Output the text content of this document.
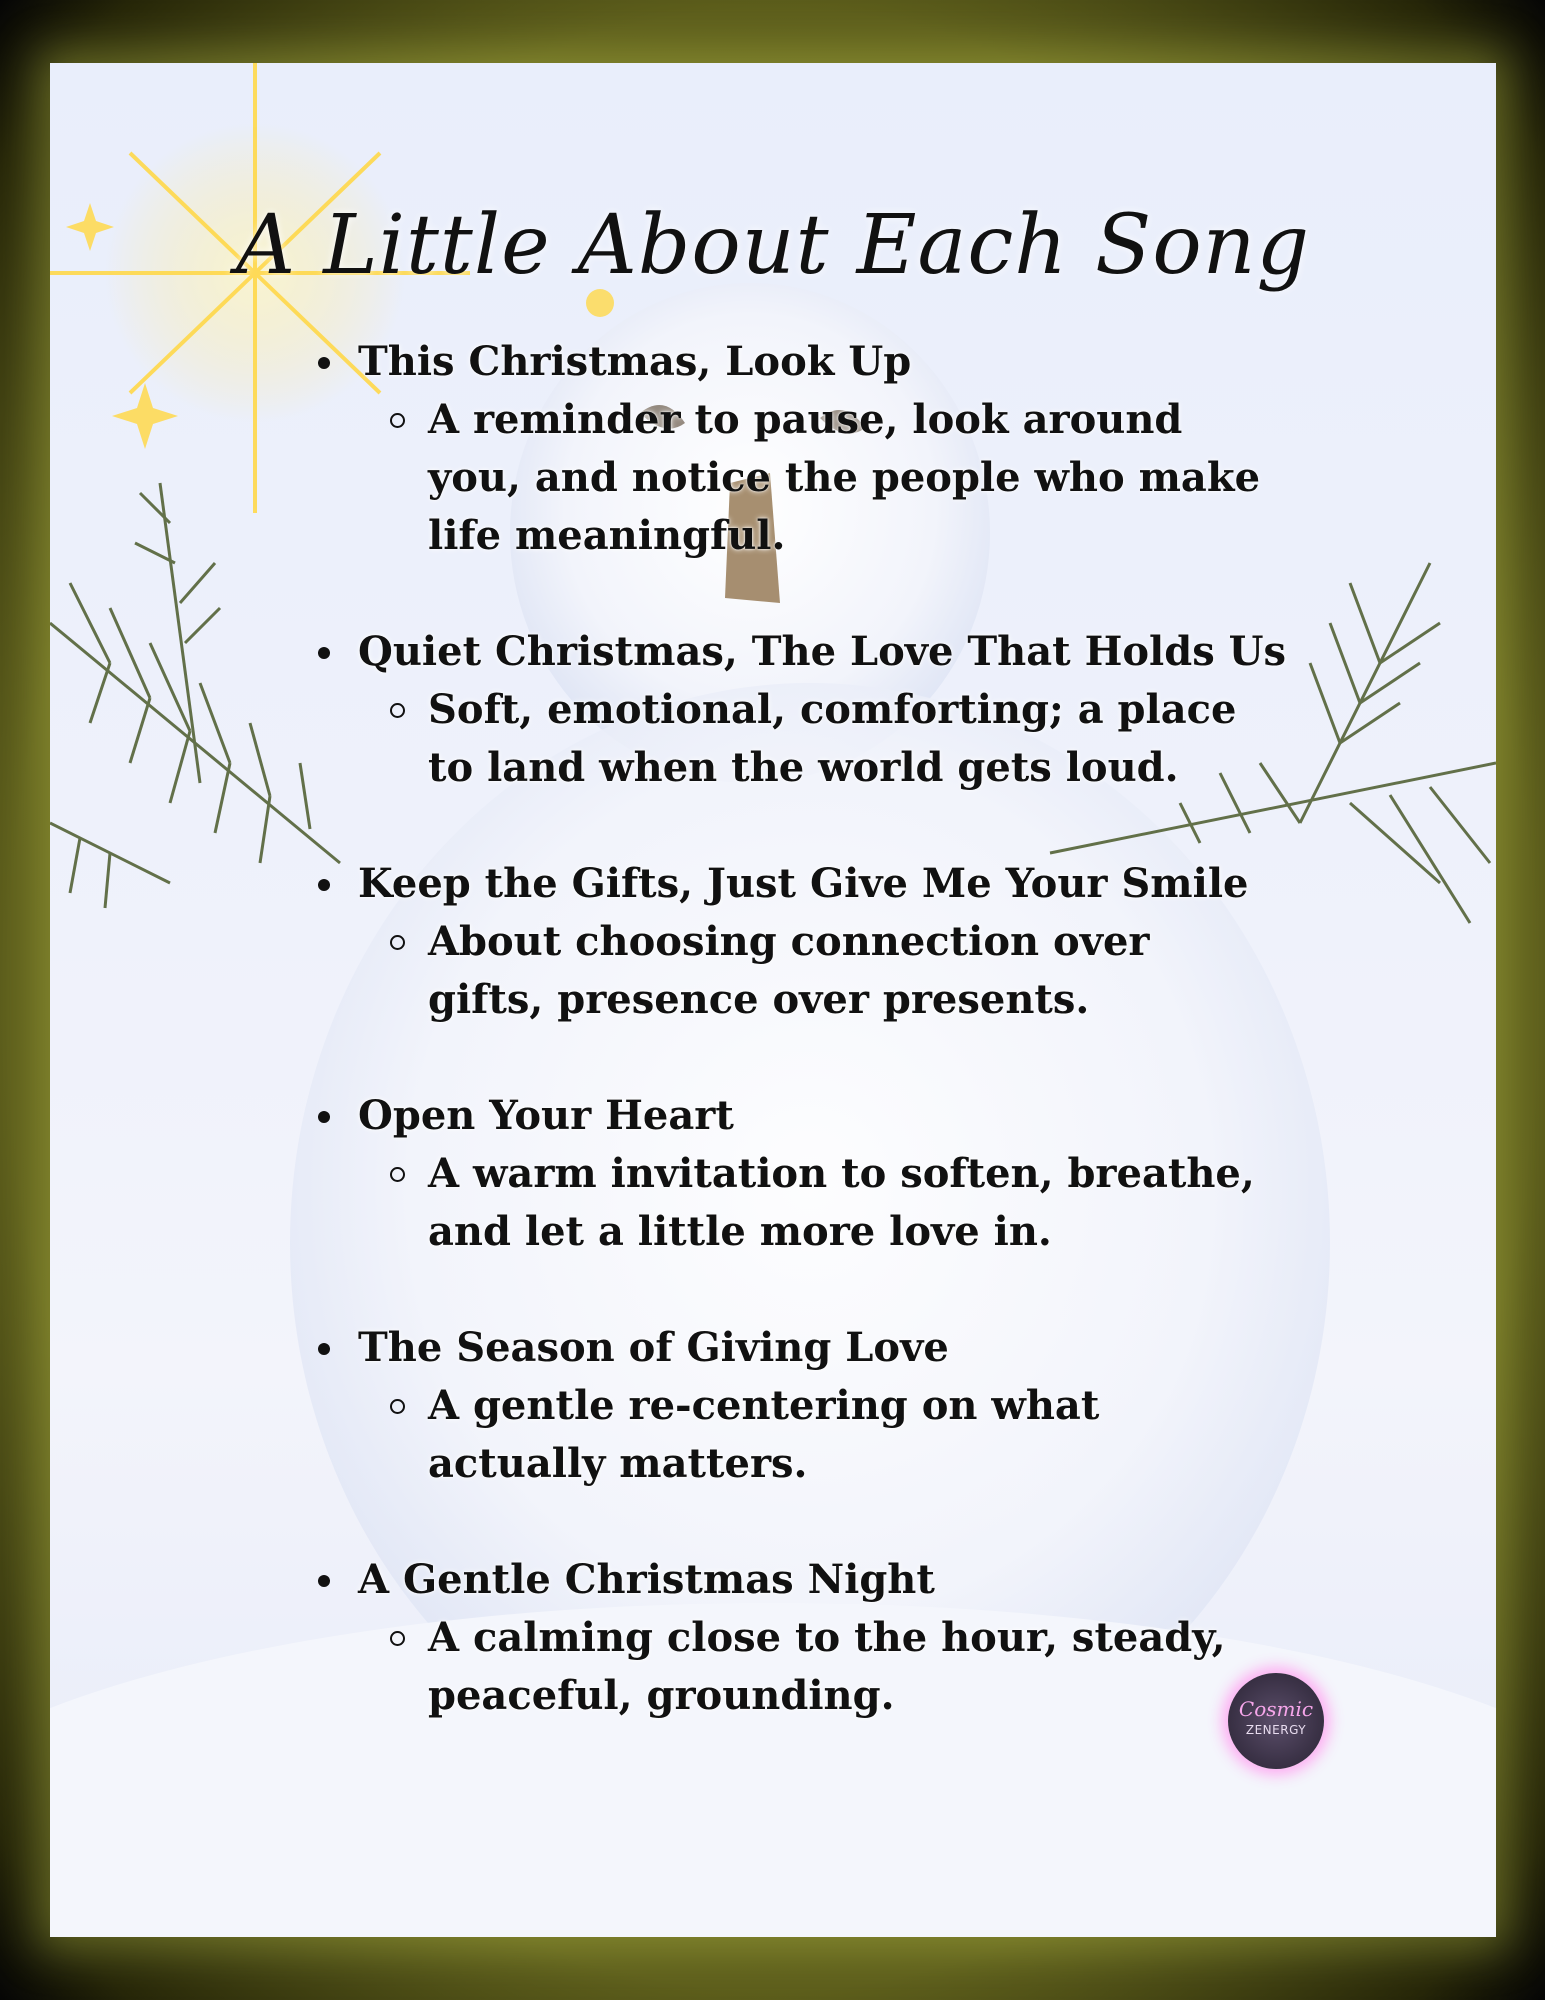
A Little About Each Song
This Christmas, Look Up
A reminder to pause, look around you, and notice the people who make life meaningful.
Quiet Christmas, The Love That Holds Us
Soft, emotional, comforting; a place to land when the world gets loud.
Keep the Gifts, Just Give Me Your Smile
About choosing connection over gifts, presence over presents.
Open Your Heart
A warm invitation to soften, breathe, and let a little more love in.
The Season of Giving Love
A gentle re-centering on what actually matters.
A Gentle Christmas Night
A calming close to the hour, steady, peaceful, grounding.	Cosmic
ZENERGY
